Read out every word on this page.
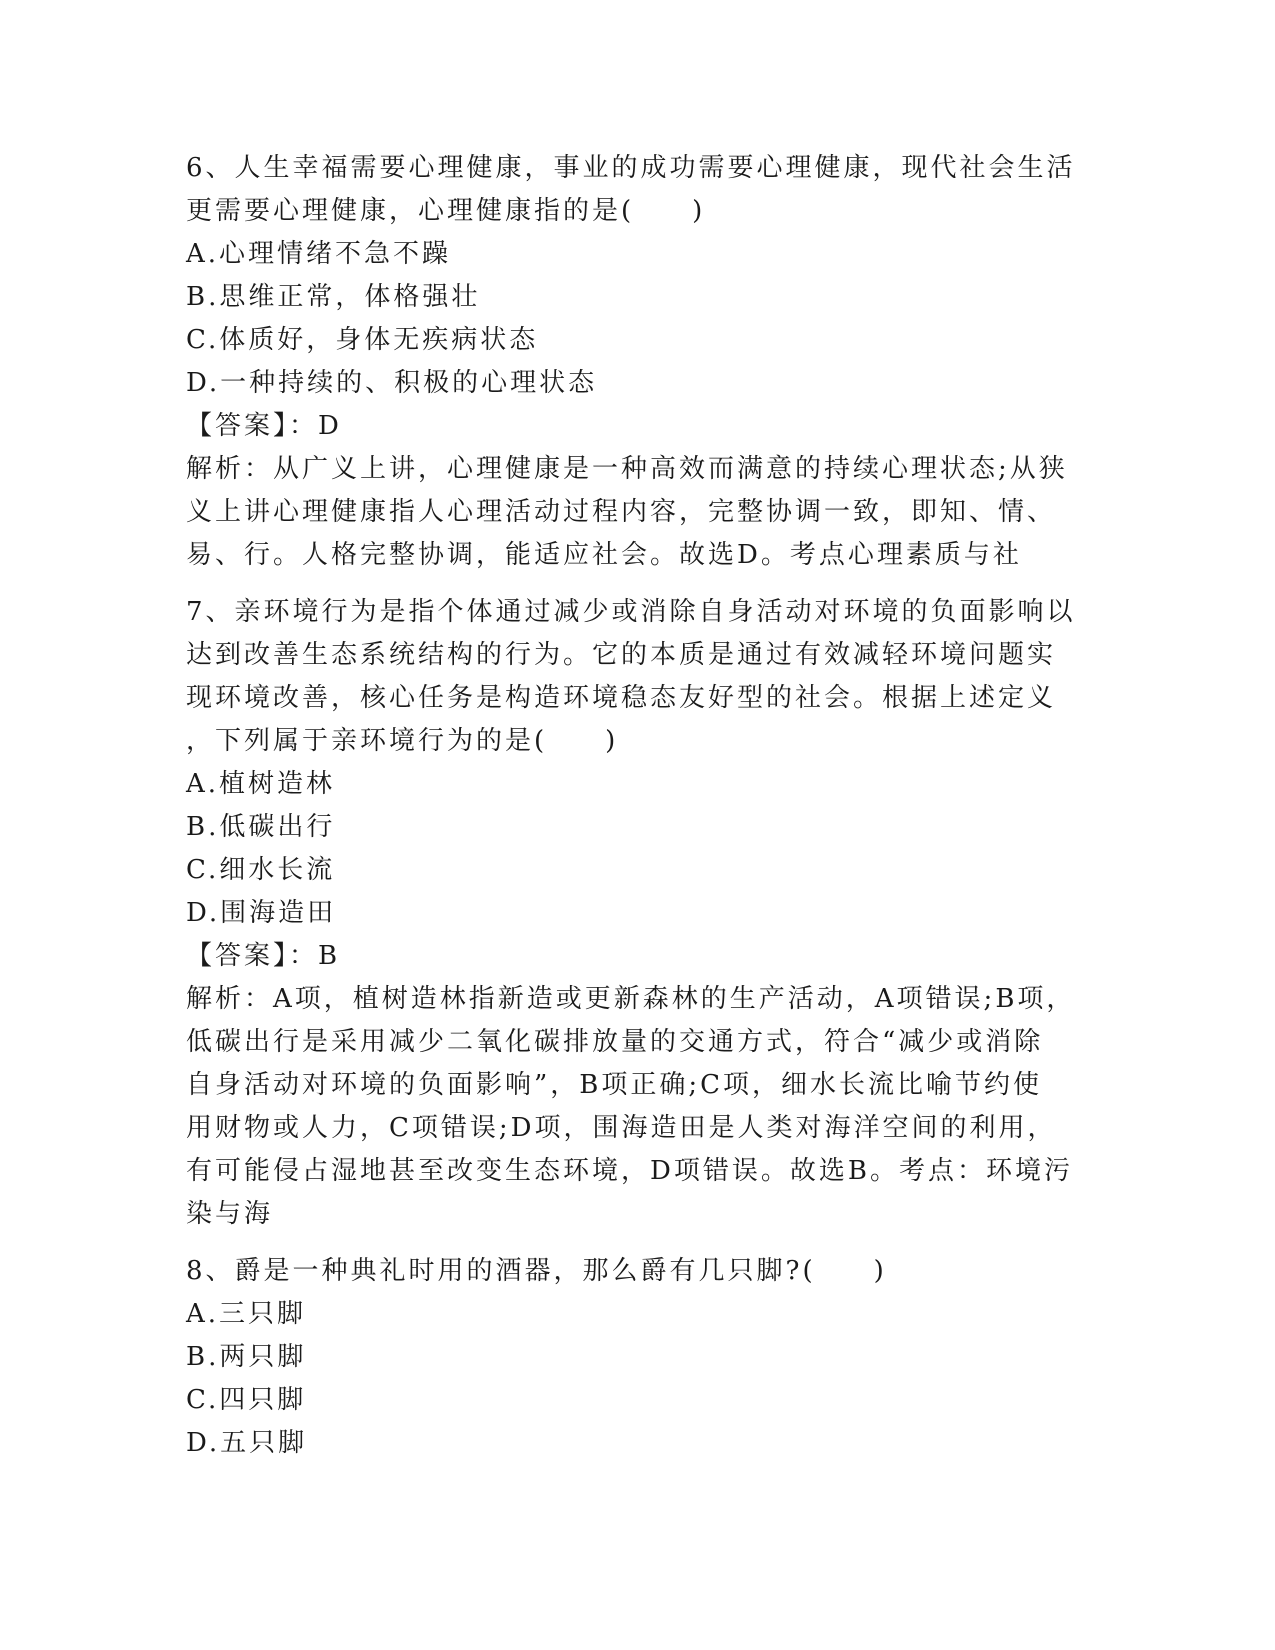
6、人生幸福需要心理健康，事业的成功需要心理健康，现代社会生活
更需要心理健康，心理健康指的是(　　)
A.心理情绪不急不躁
B.思维正常，体格强壮
C.体质好，身体无疾病状态
D.一种持续的、积极的心理状态
【答案】：D
解析：从广义上讲，心理健康是一种高效而满意的持续心理状态;从狭
义上讲心理健康指人心理活动过程内容，完整协调一致，即知、情、
易、行。人格完整协调，能适应社会。故选D。考点心理素质与社
7、亲环境行为是指个体通过减少或消除自身活动对环境的负面影响以
达到改善生态系统结构的行为。它的本质是通过有效减轻环境问题实
现环境改善，核心任务是构造环境稳态友好型的社会。根据上述定义
，下列属于亲环境行为的是(　　)
A.植树造林
B.低碳出行
C.细水长流
D.围海造田
【答案】：B
解析：A项，植树造林指新造或更新森林的生产活动，A项错误;B项，
低碳出行是采用减少二氧化碳排放量的交通方式，符合“减少或消除
自身活动对环境的负面影响”，B项正确;C项，细水长流比喻节约使
用财物或人力，C项错误;D项，围海造田是人类对海洋空间的利用，
有可能侵占湿地甚至改变生态环境，D项错误。故选B。考点：环境污
染与海
8、爵是一种典礼时用的酒器，那么爵有几只脚?(　　)
A.三只脚
B.两只脚
C.四只脚
D.五只脚
